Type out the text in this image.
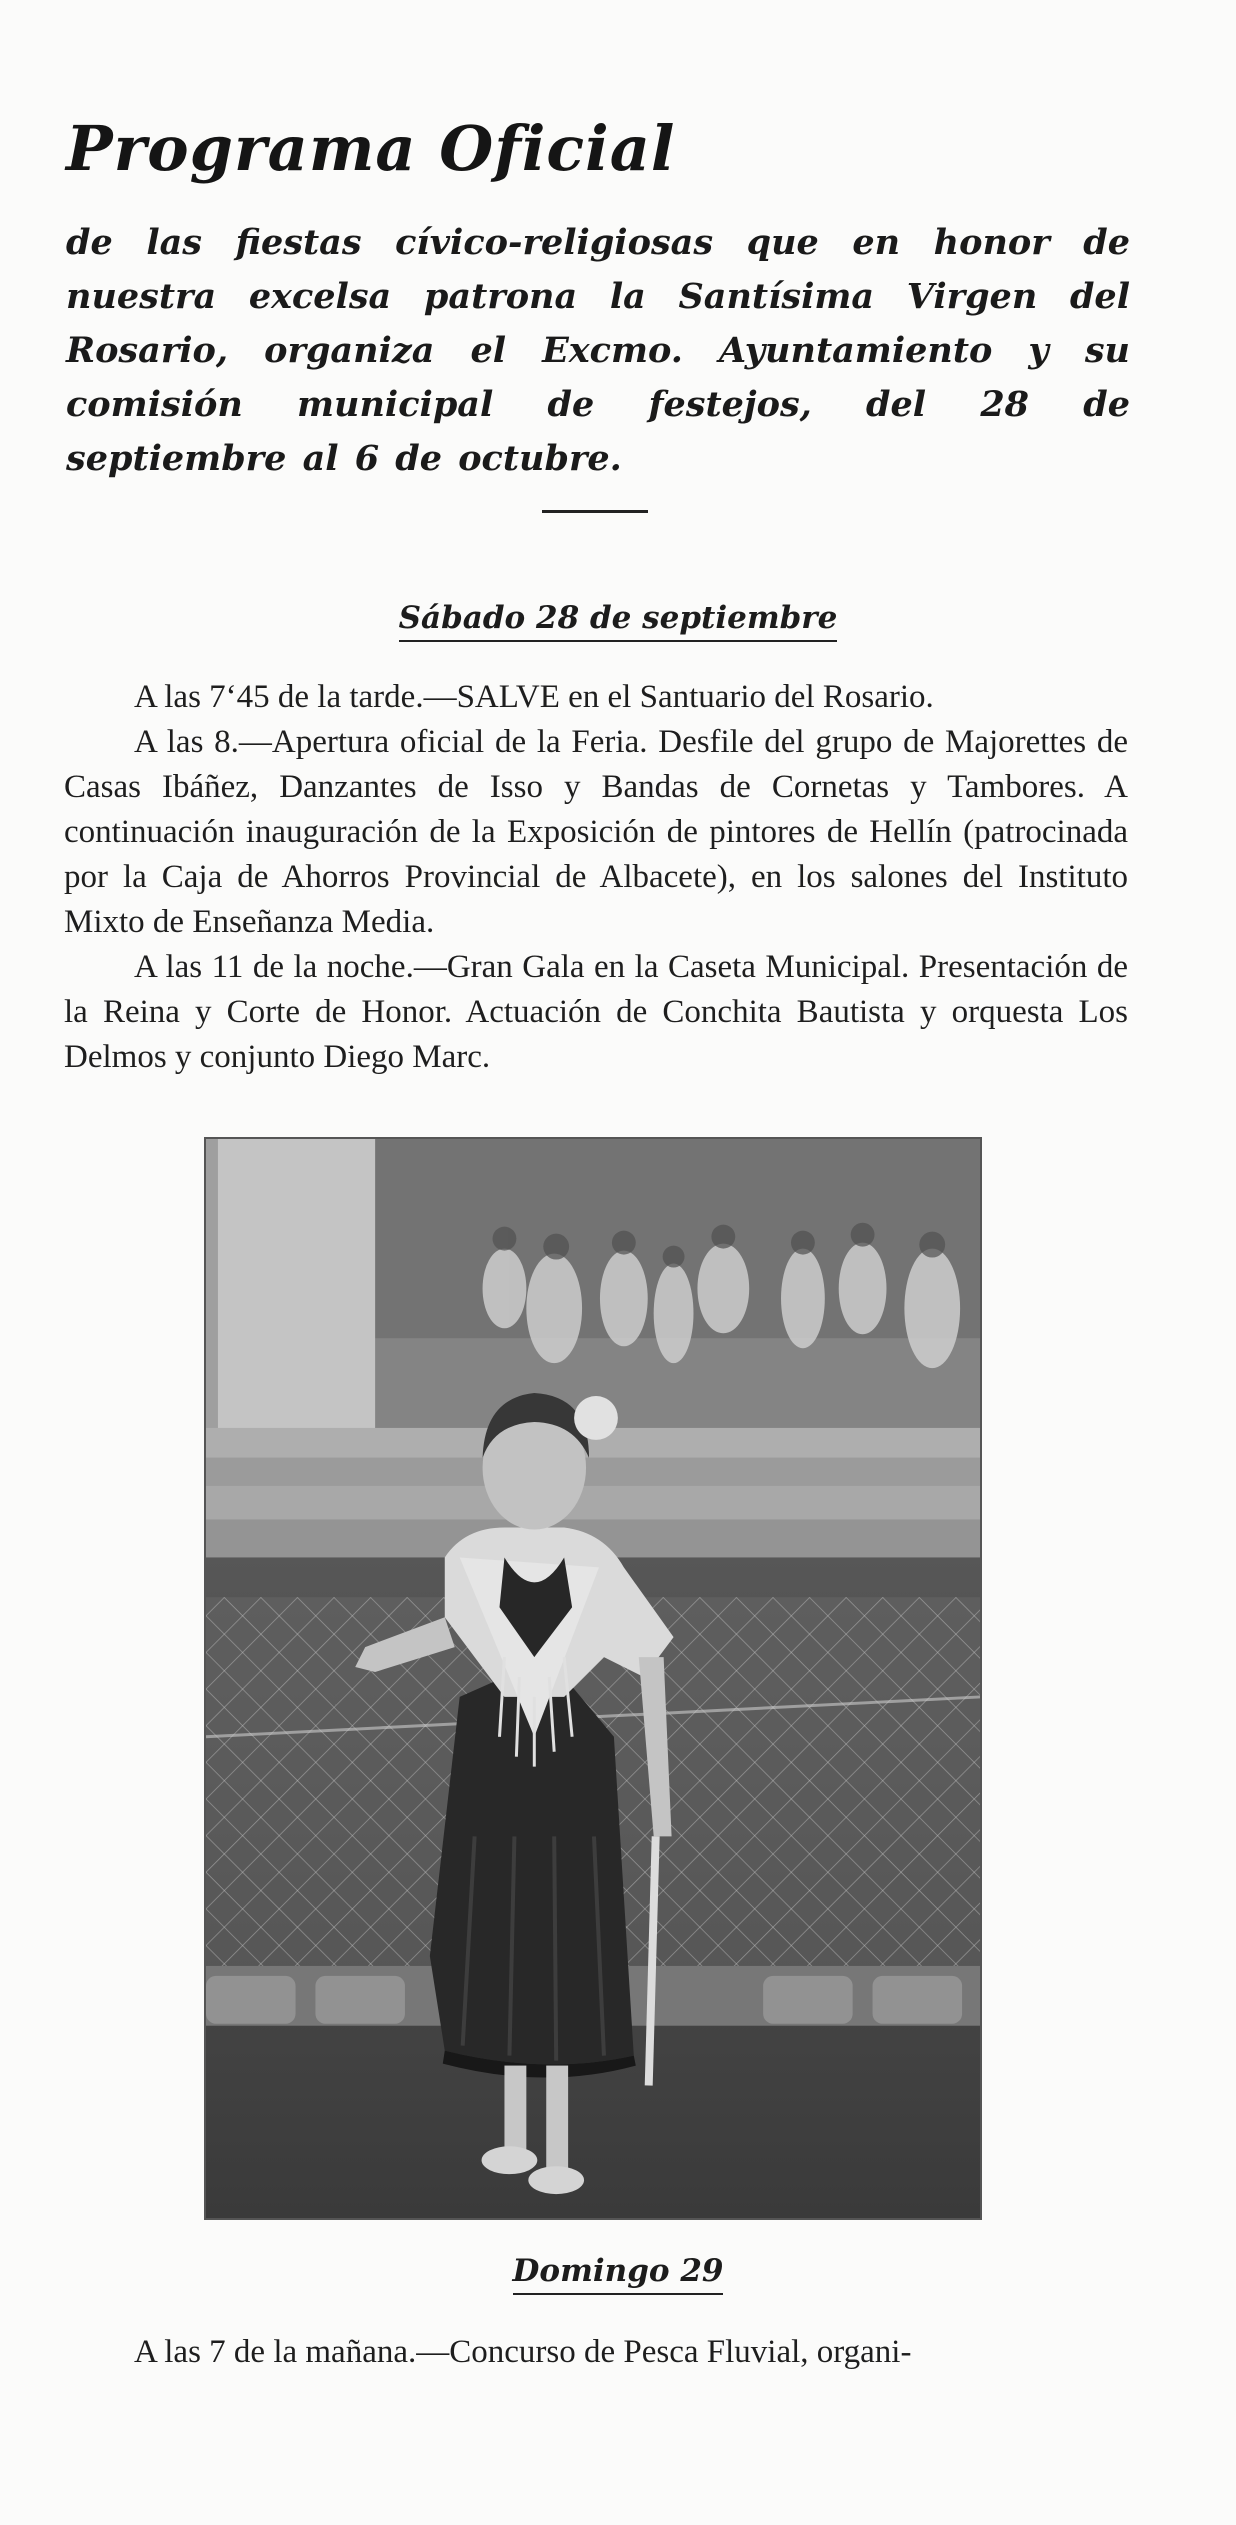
Programa Oficial

de las fiestas cívico-religiosas que en honor de nuestra excelsa patrona la Santísima Virgen del Rosario, organiza el Excmo. Ayuntamiento y su comisión municipal de festejos, del 28 de septiembre al 6 de octubre.

Sábado 28 de septiembre

A las 7‘45 de la tarde.—SALVE en el Santuario del Rosario.

A las 8.—Apertura oficial de la Feria. Desfile del grupo de Majorettes de Casas Ibáñez, Danzantes de Isso y Bandas de Cornetas y Tambores. A continuación inauguración de la Exposición de pintores de Hellín (patrocinada por la Caja de Ahorros Provincial de Albacete), en los salones del Instituto Mixto de Enseñanza Media.

A las 11 de la noche.—Gran Gala en la Caseta Municipal. Presentación de la Reina y Corte de Honor. Actuación de Conchita Bautista y orquesta Los Delmos y conjunto Diego Marc.

Domingo 29

A las 7 de la mañana.—Concurso de Pesca Fluvial, organi-
